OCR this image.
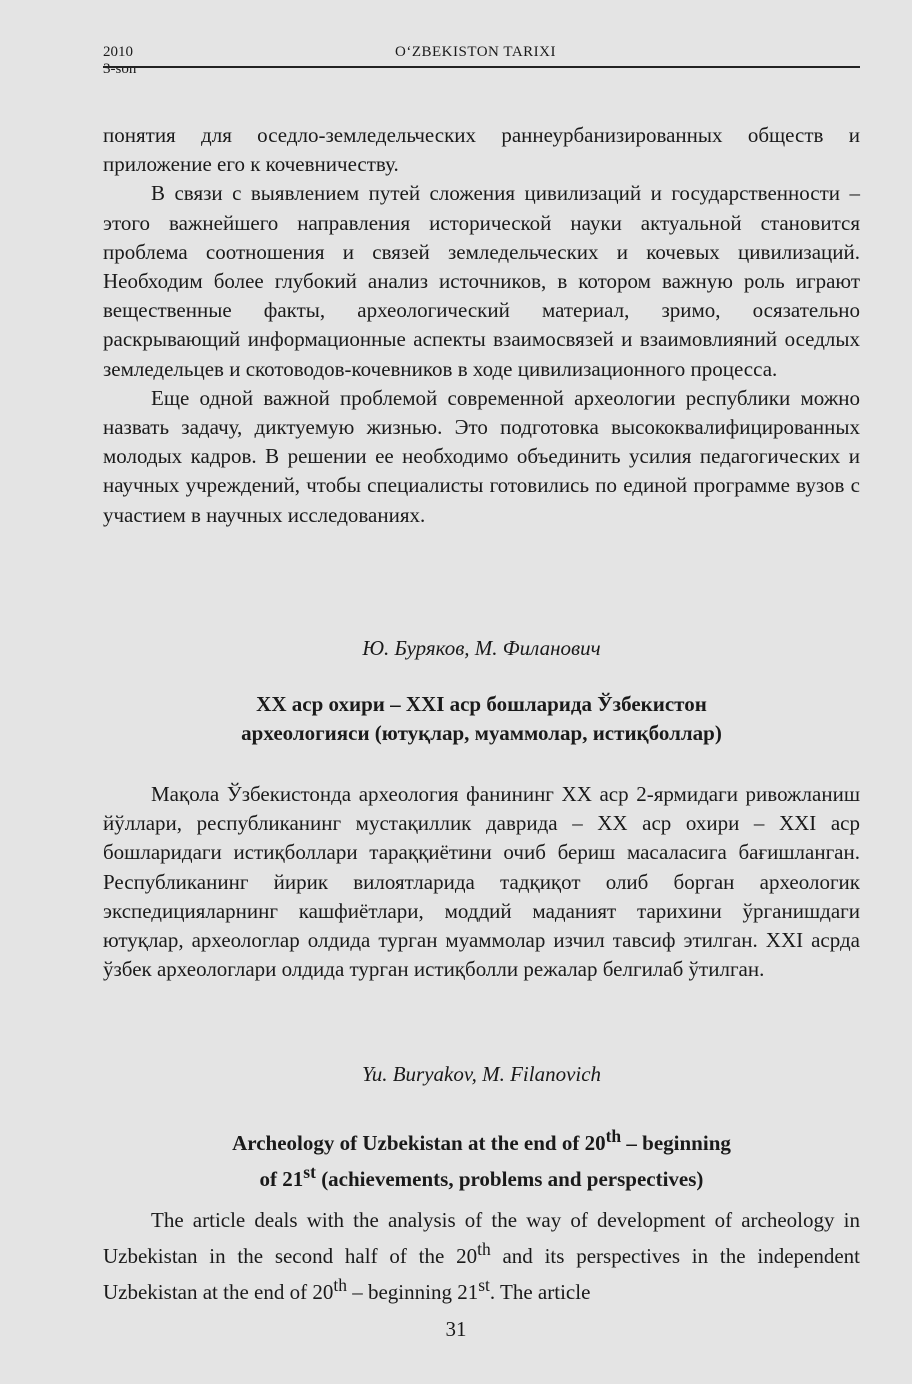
2010
3-son
O‘ZBEKISTON TARIXI

понятия для оседло-земледельческих раннеурбанизированных обществ и приложение его к кочевничеству.

В связи с выявлением путей сложения цивилизаций и государственности – этого важнейшего направления исторической науки актуальной становится проблема соотношения и связей земледельческих и кочевых цивилизаций. Необходим более глубокий анализ источников, в котором важную роль играют вещественные факты, археологический материал, зримо, осязательно раскрывающий информационные аспекты взаимосвязей и взаимовлияний оседлых земледельцев и скотоводов-кочевников в ходе цивилизационного процесса.

Еще одной важной проблемой современной археологии республики можно назвать задачу, диктуемую жизнью. Это подготовка высококвалифицированных молодых кадров. В решении ее необходимо объединить усилия педагогических и научных учреждений, чтобы специалисты готовились по единой программе вузов с участием в научных исследованиях.

Ю. Буряков, М. Филанович
XX аср охири – XXI аср бошларида Ўзбекистон
археологияси (ютуқлар, муаммолар, истиқболлар)

Мақола Ўзбекистонда археология фанининг XX аср 2-ярмидаги ривожланиш йўллари, республиканинг мустақиллик даврида – XX аср охири – XXI аср бошларидаги истиқболлари тараққиётини очиб бериш масаласига бағишланган. Республиканинг йирик вилоятларида тадқиқот олиб борган археологик экспедицияларнинг кашфиётлари, моддий маданият тарихини ўрганишдаги ютуқлар, археологлар олдида турган муаммолар изчил тавсиф этилган. XXI асрда ўзбек археологлари олдида турган истиқболли режалар белгилаб ўтилган.

Yu. Buryakov, M. Filanovich
Archeology of Uzbekistan at the end of 20th – beginning
of 21st (achievements, problems and perspectives)

The article deals with the analysis of the way of development of archeology in Uzbekistan in the second half of the 20th and its perspectives in the independent Uzbekistan at the end of 20th – beginning 21st. The article

31
